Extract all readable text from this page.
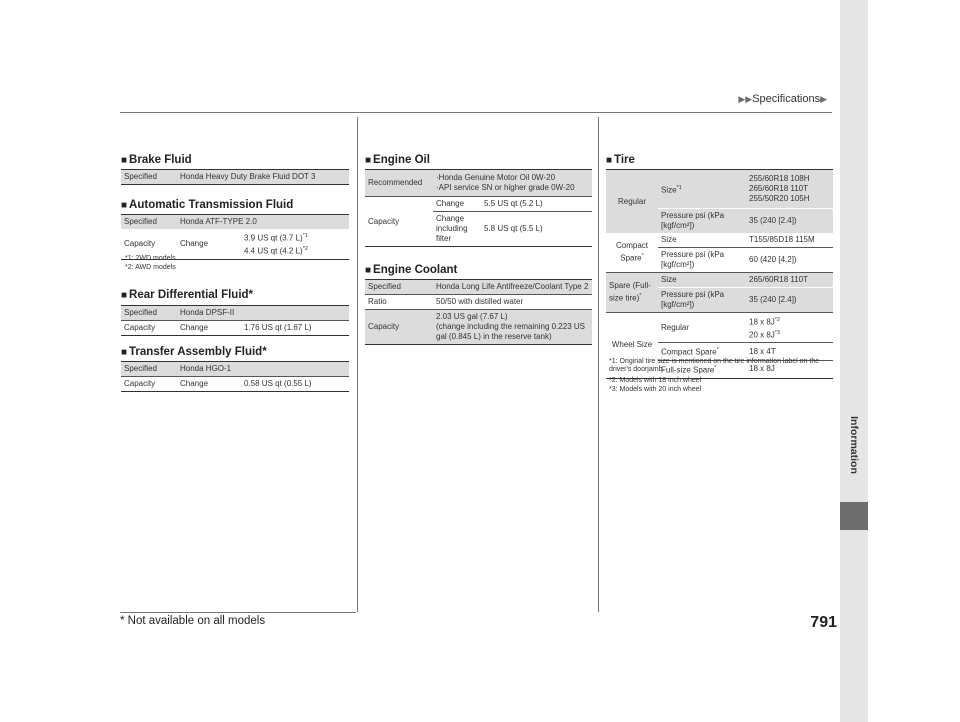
▶▶Specifications▶
Information
791
* Not available on all models
■ Brake Fluid
Specified	Honda Heavy Duty Brake Fluid DOT 3
■ Automatic Transmission Fluid
Specified	Honda ATF-TYPE 2.0	
Capacity	Change	3.9 US qt (3.7 L)$^{*1}$
4.4 US qt (4.2 L)$^{*2}$
*1: 2WD models
*2: AWD models
■ Rear Differential Fluid*
Specified	Honda DPSF-II	
Capacity	Change	1.76 US qt (1.67 L)
■ Transfer Assembly Fluid*
Specified	Honda HGO-1	
Capacity	Change	0.58 US qt (0.55 L)
■ Engine Oil
Recommended	·Honda Genuine Motor Oil 0W-20
·API service SN or higher grade 0W-20	
Capacity	Change	5.5 US qt (5.2 L)
	Change including filter	5.8 US qt (5.5 L)
■ Engine Coolant
Specified	Honda Long Life Antifreeze/Coolant Type 2
Ratio	50/50 with distilled water
Capacity	2.03 US gal (7.67 L)
(change including the remaining 0.223 US gal (0.845 L) in the reserve tank)
■ Tire
Regular	Size$^{*1}$	255/60R18 108H
265/60R18 110T
255/50R20 105H
	Pressure psi (kPa [kgf/cm²])	35 (240 [2.4])
Compact Spare*	Size	T155/85D18 115M
	Pressure psi (kPa [kgf/cm²])	60 (420 [4.2])
Spare (Full-size tire)*	Size	265/60R18 110T
	Pressure psi (kPa [kgf/cm²])	35 (240 [2.4])
Wheel Size	Regular	18 x $8J^{*2}$
20 x $8J^{*3}$
	Compact Spare*	18 x 4T
	Full-size Spare*	18 x 8J
*1: Original tire size is mentioned on the tire information label on the driver's doorjamb.
*2: Models with 18 inch wheel
*3: Models with 20 inch wheel
